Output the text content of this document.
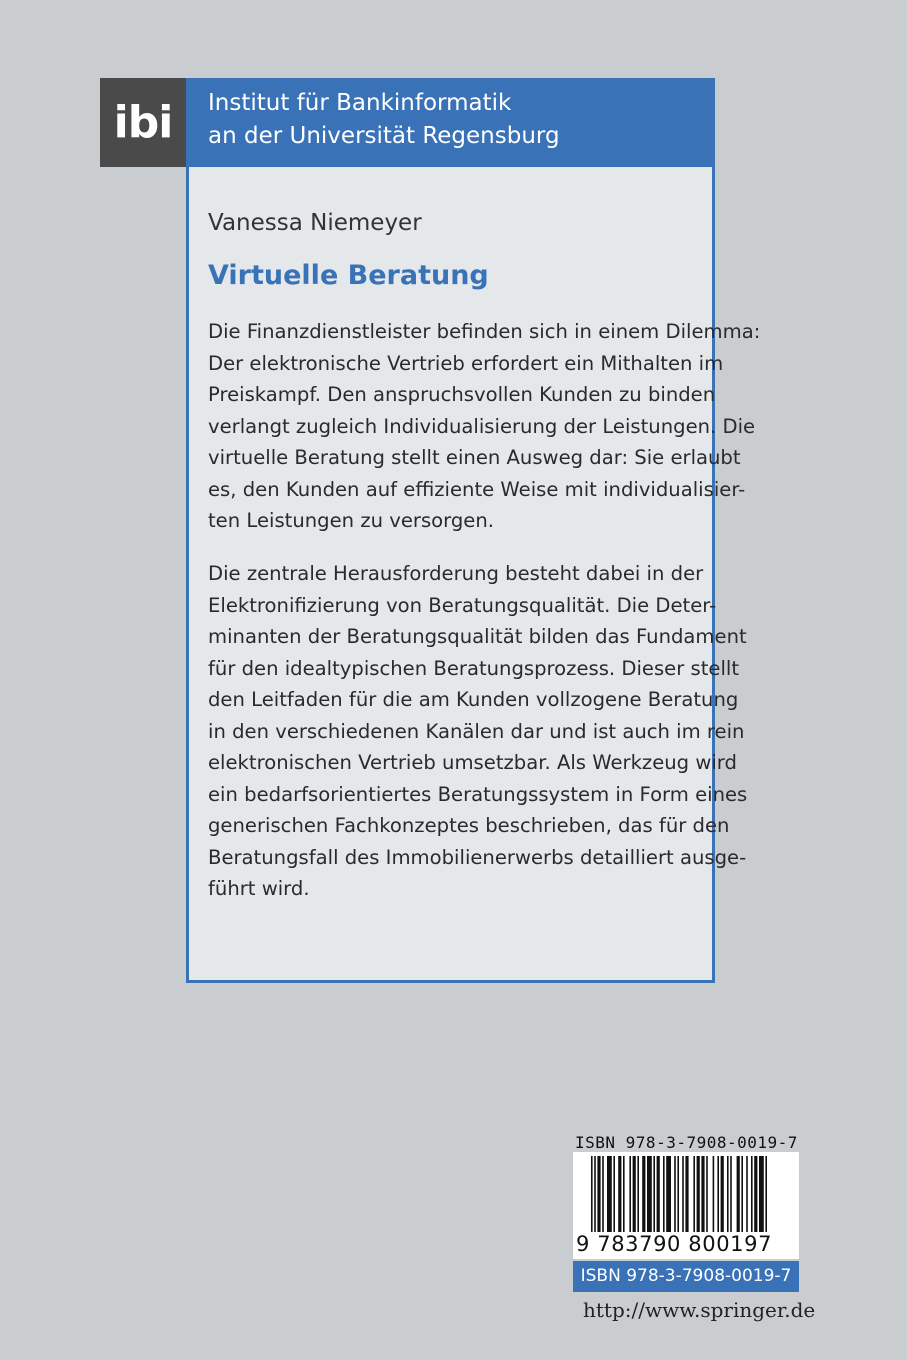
ibi	Institut für Bankinformatik
an der Universität Regensburg
Vanessa Niemeyer
Virtuelle Beratung
Die Finanzdienstleister befinden sich in einem Dilemma:
Der elektronische Vertrieb erfordert ein Mithalten im
Preiskampf. Den anspruchsvollen Kunden zu binden
verlangt zugleich Individualisierung der Leistungen. Die
virtuelle Beratung stellt einen Ausweg dar: Sie erlaubt
es, den Kunden auf effiziente Weise mit individualisier-
ten Leistungen zu versorgen.
Die zentrale Herausforderung besteht dabei in der
Elektronifizierung von Beratungsqualität. Die Deter-
minanten der Beratungsqualität bilden das Fundament
für den idealtypischen Beratungsprozess. Dieser stellt
den Leitfaden für die am Kunden vollzogene Beratung
in den verschiedenen Kanälen dar und ist auch im rein
elektronischen Vertrieb umsetzbar. Als Werkzeug wird
ein bedarfsorientiertes Beratungssystem in Form eines
generischen Fachkonzeptes beschrieben, das für den
Beratungsfall des Immobilienerwerbs detailliert ausge-
führt wird.
ISBN 978-3-7908-0019-7
9 783790 800197
ISBN 978-3-7908-0019-7
http://www.springer.de
